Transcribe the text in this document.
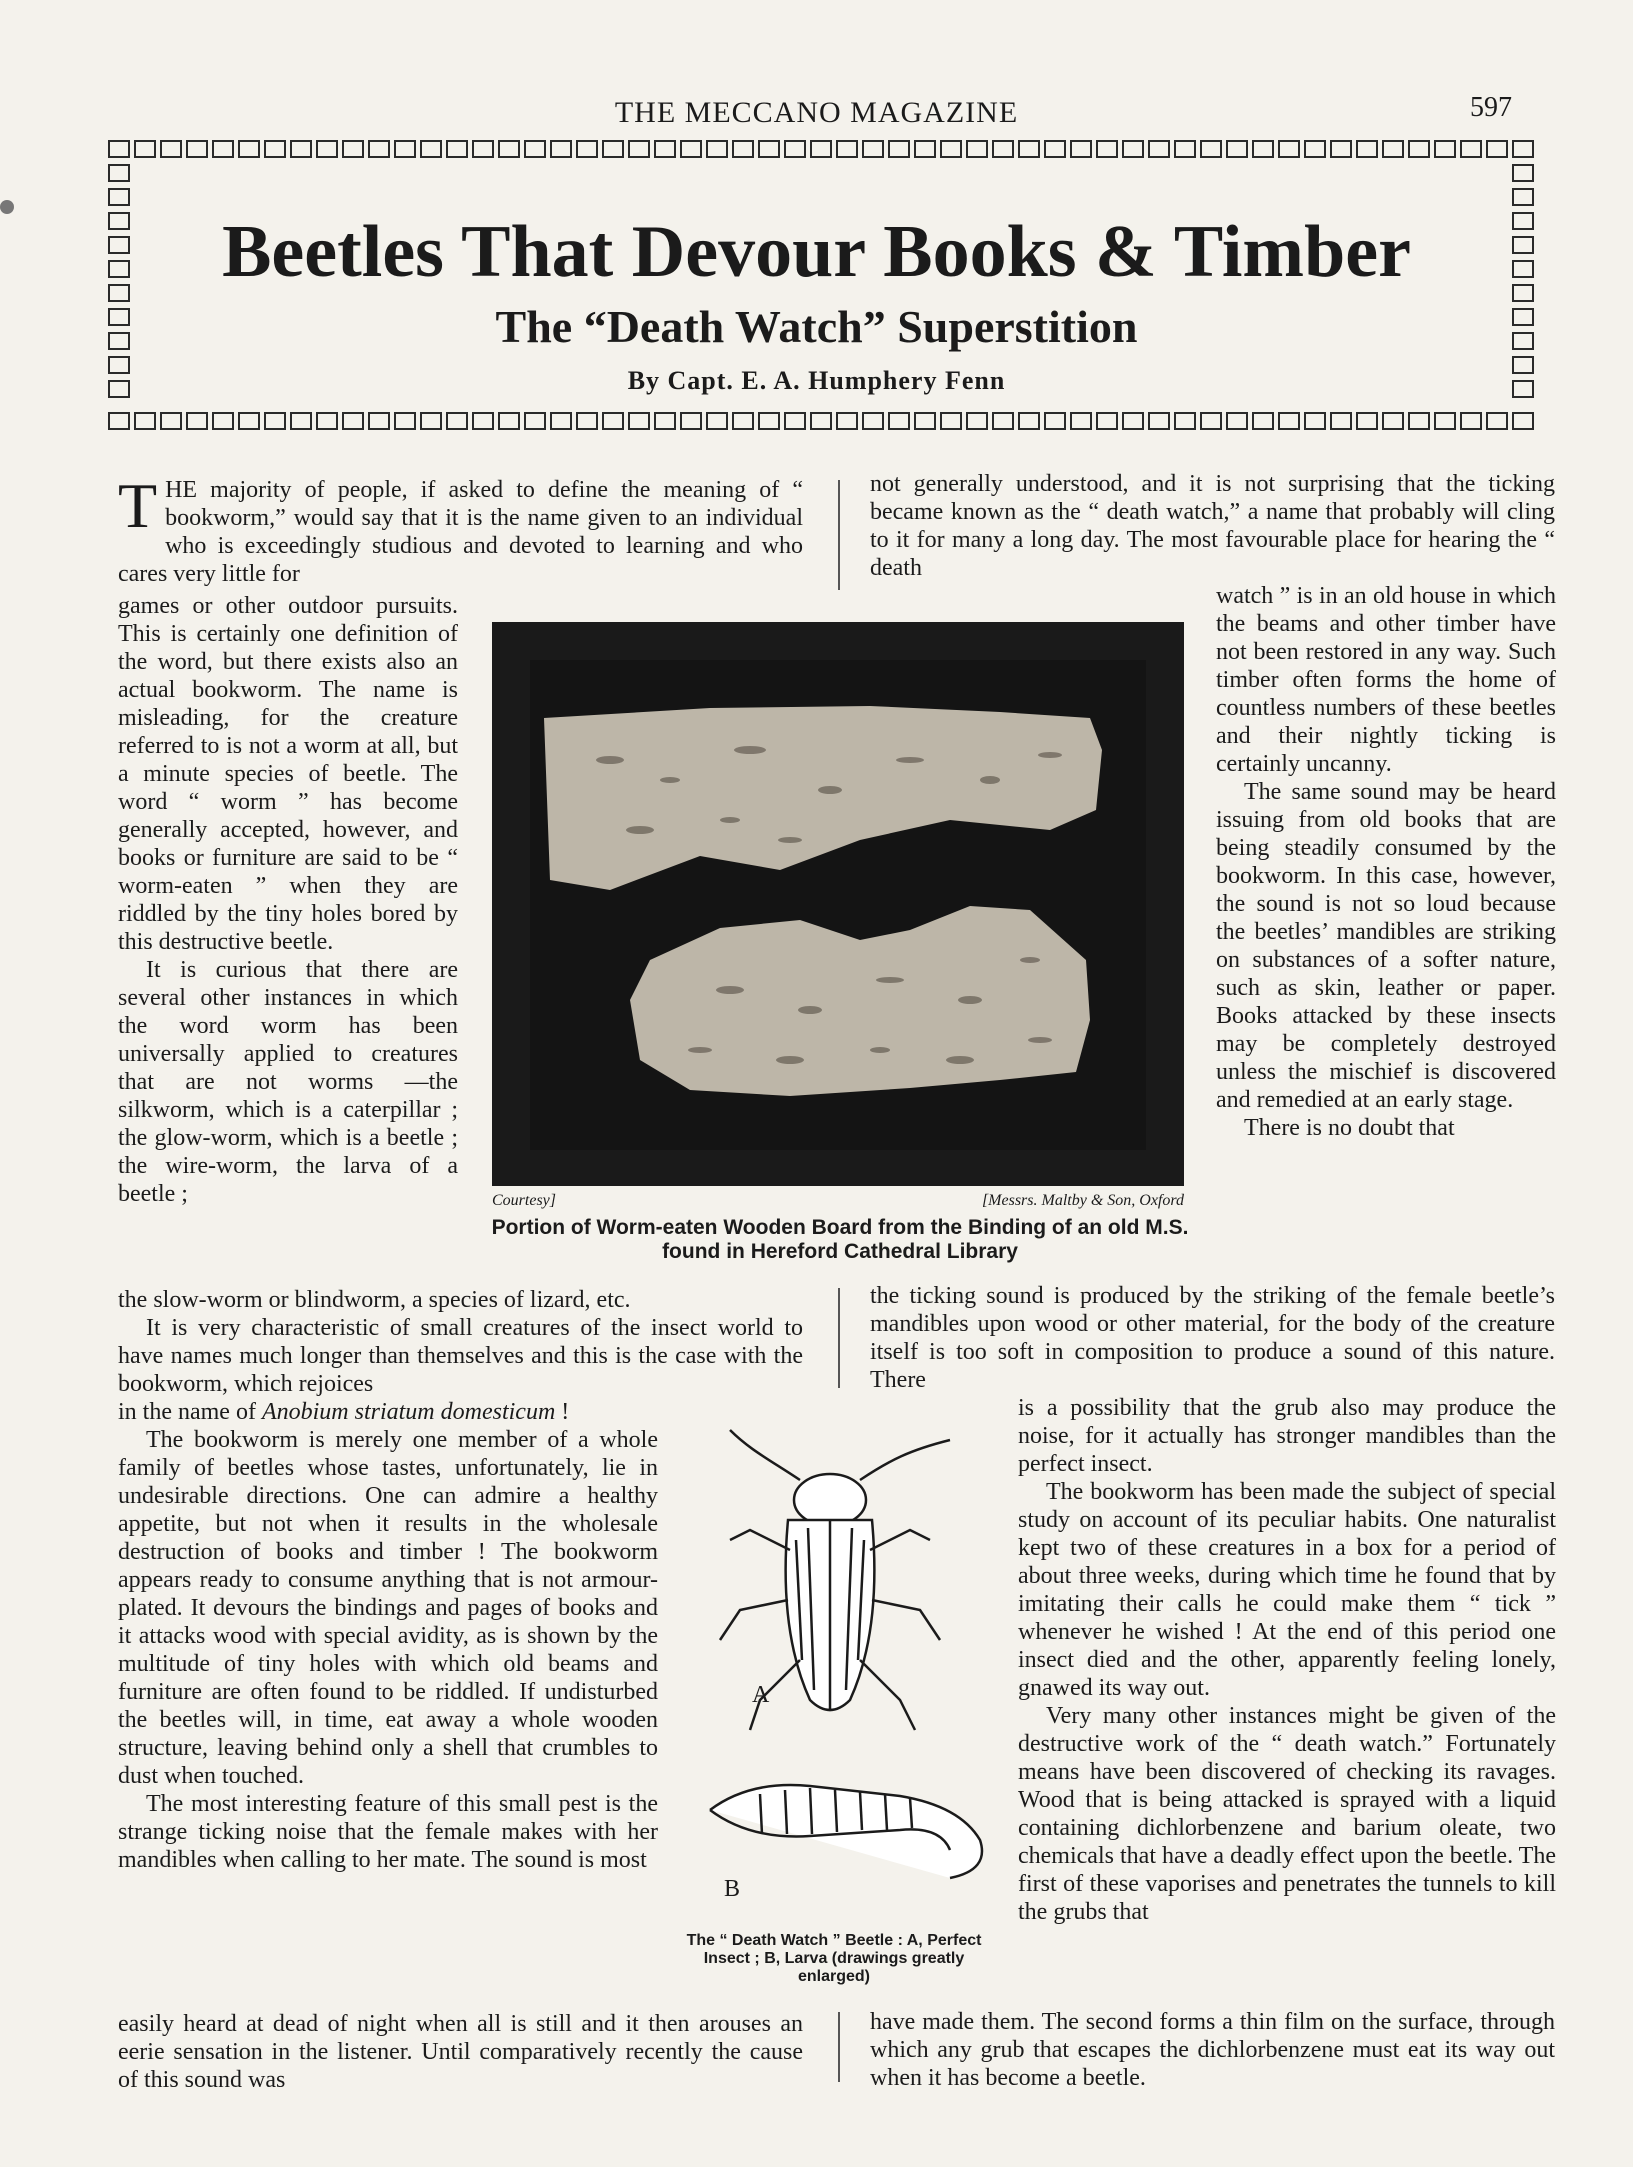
THE MECCANO MAGAZINE	597
Beetles That Devour Books & Timber
The “Death Watch” Superstition
By Capt. E. A. Humphery Fenn

THE majority of people, if asked to define the meaning of “ bookworm,” would say that it is the name given to an individual who is exceedingly studious and devoted to learning and who cares very little for

games or other outdoor pursuits. This is certainly one definition of the word, but there exists also an actual bookworm. The name is misleading, for the creature referred to is not a worm at all, but a minute species of beetle. The word “ worm ” has become generally accepted, however, and books or furniture are said to be “ worm-eaten ” when they are riddled by the tiny holes bored by this destructive beetle.

It is curious that there are several other instances in which the word worm has been universally applied to creatures that are not worms —the silkworm, which is a caterpillar ; the glow-worm, which is a beetle ; the wire-worm, the larva of a beetle ;

the slow-worm or blindworm, a species of lizard, etc.

It is very characteristic of small creatures of the insect world to have names much longer than themselves and this is the case with the bookworm, which rejoices

in the name of Anobium striatum domesticum !

The bookworm is merely one member of a whole family of beetles whose tastes, unfortunately, lie in undesirable directions. One can admire a healthy appetite, but not when it results in the wholesale destruction of books and timber ! The bookworm appears ready to consume anything that is not armour-plated. It devours the bindings and pages of books and it attacks wood with special avidity, as is shown by the multitude of tiny holes with which old beams and furniture are often found to be riddled. If undisturbed the beetles will, in time, eat away a whole wooden structure, leaving behind only a shell that crumbles to dust when touched.

The most interesting feature of this small pest is the strange ticking noise that the female makes with her mandibles when calling to her mate. The sound is most

easily heard at dead of night when all is still and it then arouses an eerie sensation in the listener. Until comparatively recently the cause of this sound was

not generally understood, and it is not surprising that the ticking became known as the “ death watch,” a name that probably will cling to it for many a long day. The most favourable place for hearing the “ death

watch ” is in an old house in which the beams and other timber have not been restored in any way. Such timber often forms the home of countless numbers of these beetles and their nightly ticking is certainly uncanny.

The same sound may be heard issuing from old books that are being steadily consumed by the bookworm. In this case, however, the sound is not so loud because the beetles’ mandibles are striking on substances of a softer nature, such as skin, leather or paper. Books attacked by these insects may be completely destroyed unless the mischief is discovered and remedied at an early stage.

There is no doubt that

the ticking sound is produced by the striking of the female beetle’s mandibles upon wood or other material, for the body of the creature itself is too soft in composition to produce a sound of this nature. There

is a possibility that the grub also may produce the noise, for it actually has stronger mandibles than the perfect insect.

The bookworm has been made the subject of special study on account of its peculiar habits. One naturalist kept two of these creatures in a box for a period of about three weeks, during which time he found that by imitating their calls he could make them “ tick ” whenever he wished ! At the end of this period one insect died and the other, apparently feeling lonely, gnawed its way out.

Very many other instances might be given of the destructive work of the “ death watch.” Fortunately means have been discovered of checking its ravages. Wood that is being attacked is sprayed with a liquid containing dichlorbenzene and barium oleate, two chemicals that have a deadly effect upon the beetle. The first of these vaporises and penetrates the tunnels to kill the grubs that

have made them. The second forms a thin film on the surface, through which any grub that escapes the dichlorbenzene must eat its way out when it has become a beetle.

Courtesy]	[Messrs. Maltby & Son, Oxford
Portion of Worm-eaten Wooden Board from the Binding of an old M.S. found in Hereford Cathedral Library
A
B
The “ Death Watch ” Beetle : A, Perfect Insect ; B, Larva (drawings greatly enlarged)
